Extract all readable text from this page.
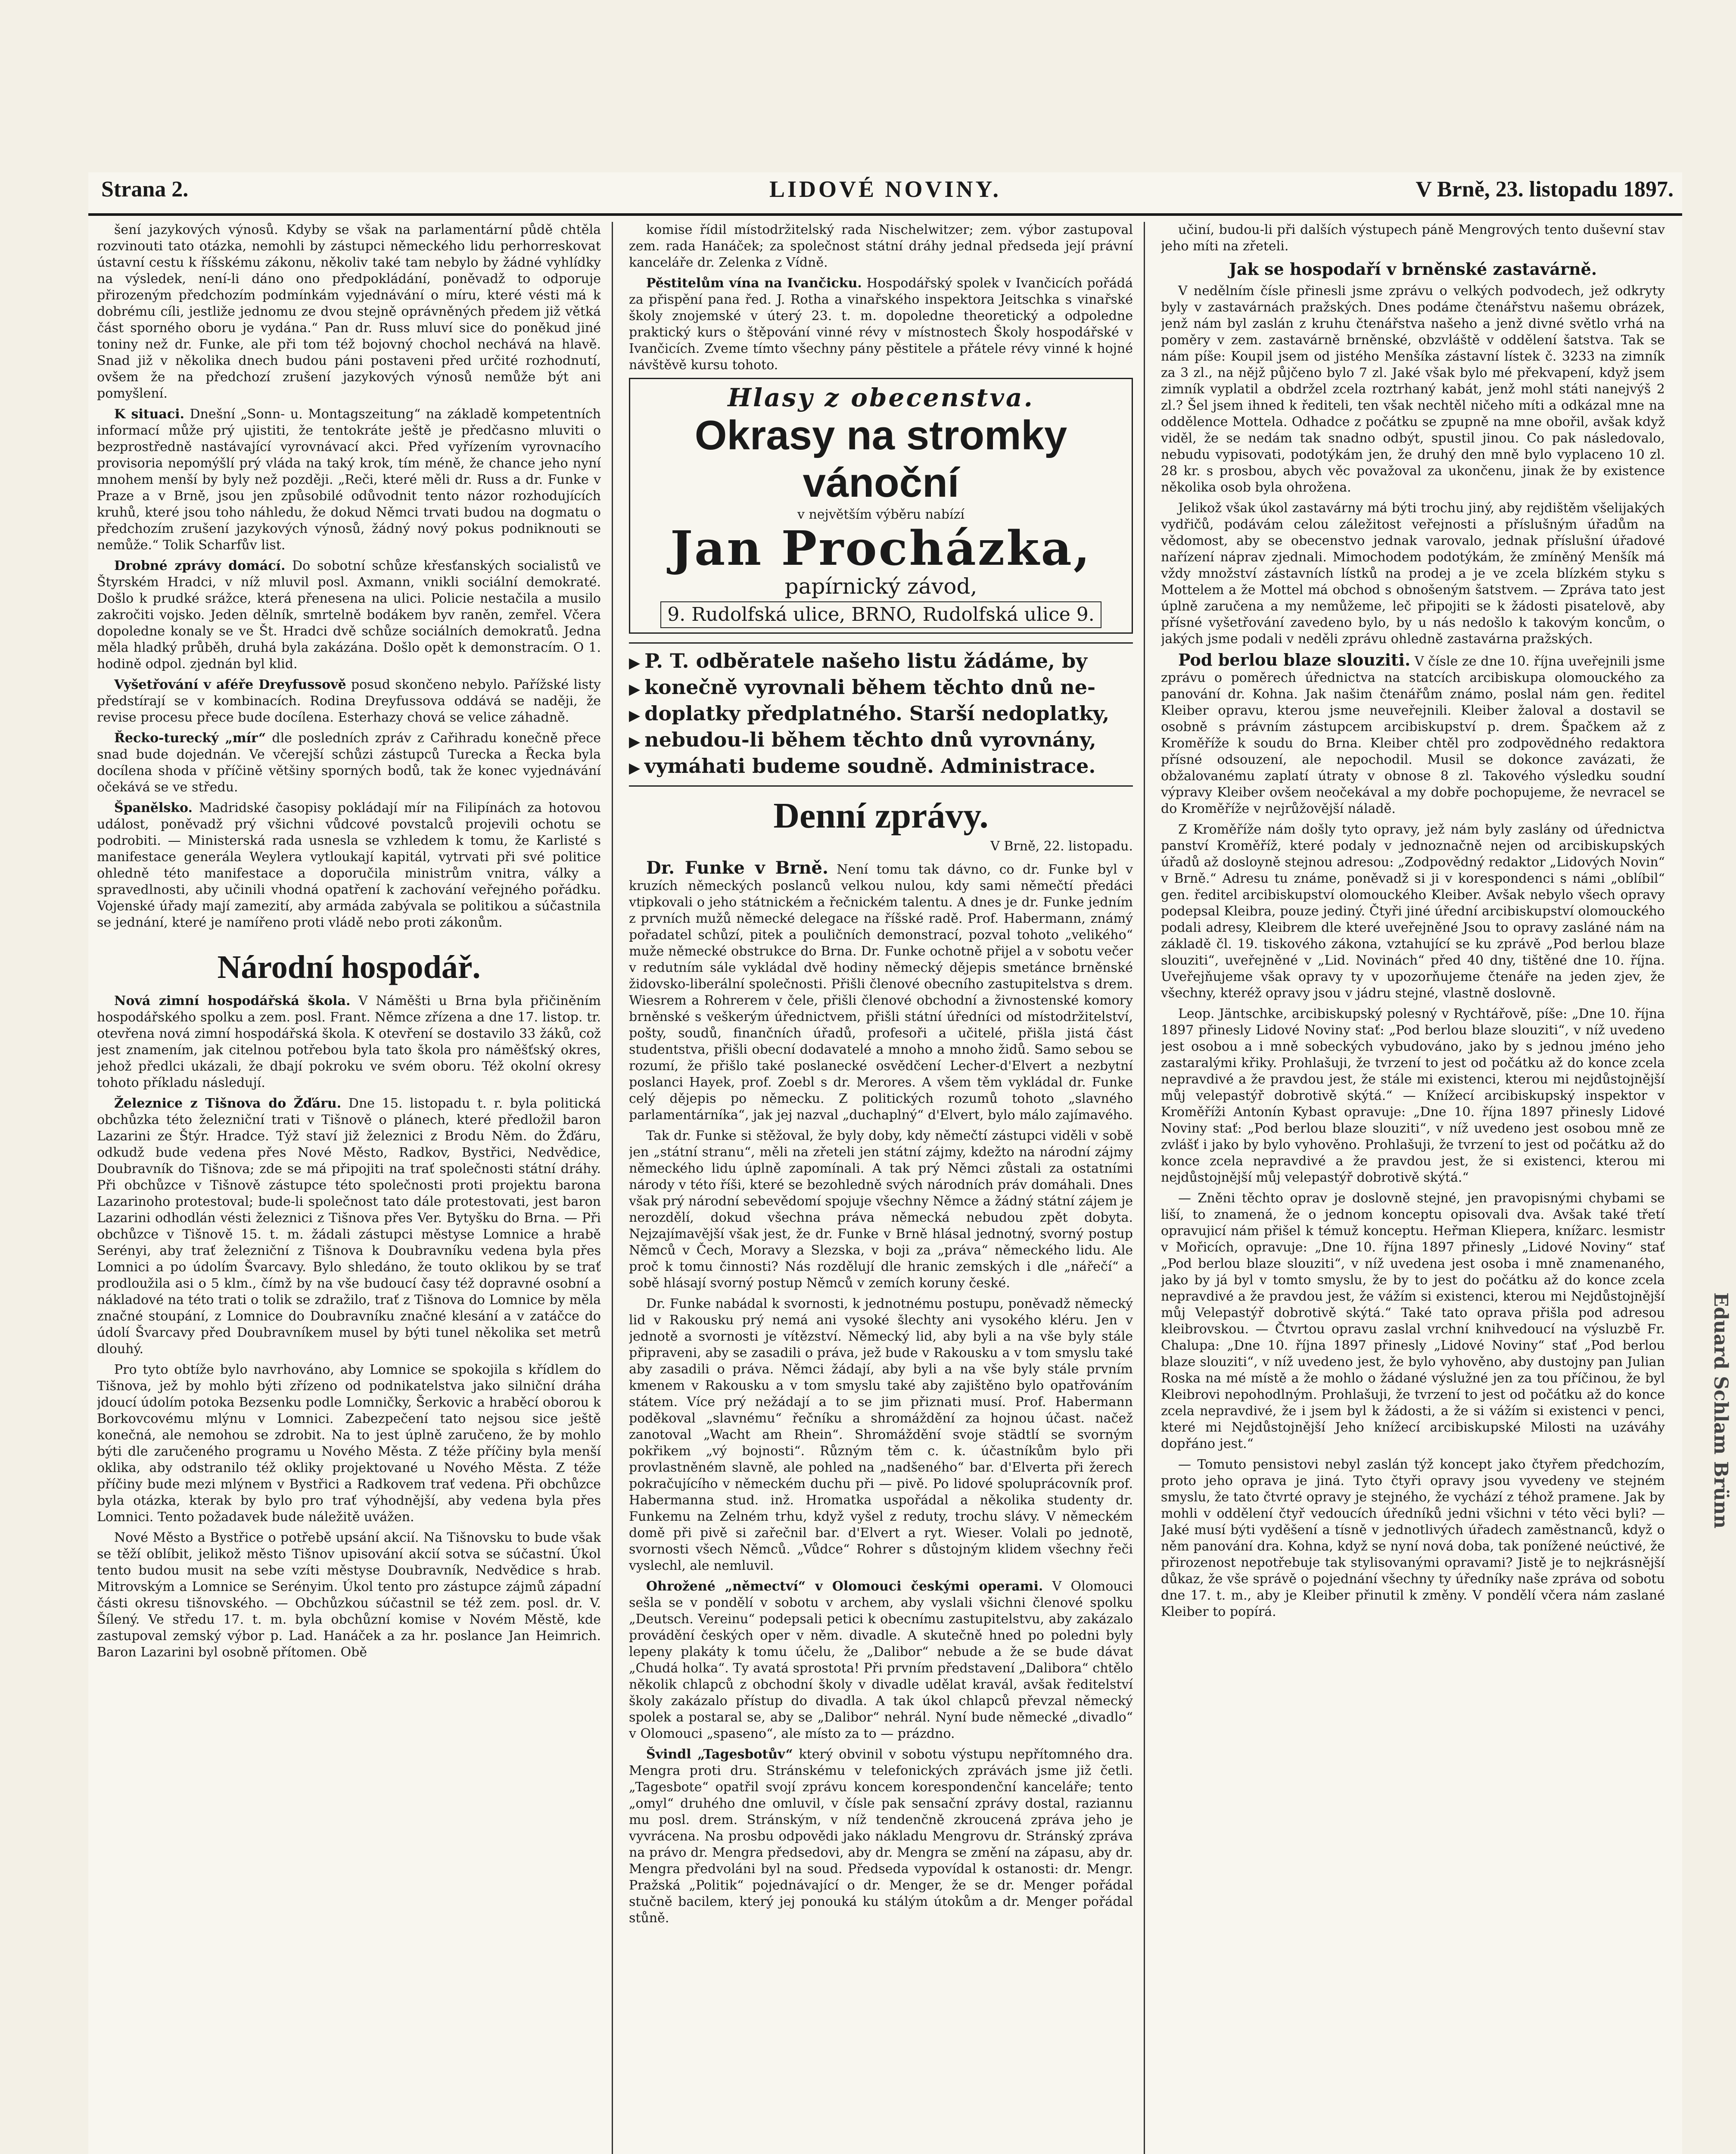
Strana 2.	LIDOVÉ NOVINY.	V Brně, 23. listopadu 1897.

šení jazykových výnosů. Kdyby se však na parlamentární půdě chtěla rozvinouti tato otázka, nemohli by zástupci německého lidu perhorreskovat ústavní cestu k říšskému zákonu, několiv také tam nebylo by žádné vyhlídky na výsledek, není-li dáno ono předpokládání, poněvadž to odporuje přirozeným předchozím podmínkám vyjednávání o míru, které vésti má k dobrému cíli, jestliže jednomu ze dvou stejně oprávněných předem již větká část sporného oboru je vydána.“ Pan dr. Russ mluví sice do poněkud jiné toniny než dr. Funke, ale při tom též bojovný chochol nechává na hlavě. Snad již v několika dnech budou páni postaveni před určité rozhodnutí, ovšem že na předchozí zrušení jazykových výnosů nemůže být ani pomyšlení.

K situaci. Dnešní „Sonn- u. Montagszeitung“ na základě kompetentních informací může prý ujistiti, že tentokráte ještě je předčasno mluviti o bezprostředně nastávající vyrovnávací akci. Před vyřízením vyrovnacího provisoria nepomýšlí prý vláda na taký krok, tím méně, že chance jeho nyní mnohem menší by byly než později. „Reči, které měli dr. Russ a dr. Funke v Praze a v Brně, jsou jen způsobilé odůvodnit tento názor rozhodujících kruhů, které jsou toho náhledu, že dokud Němci trvati budou na dogmatu o předchozím zrušení jazykových výnosů, žádný nový pokus podniknouti se nemůže.“ Tolik Scharfův list.

Drobné zprávy domácí. Do sobotní schůze křesťanských socialistů ve Štyrském Hradci, v níž mluvil posl. Axmann, vnikli sociální demokraté. Došlo k prudké srážce, která přenesena na ulici. Policie nestačila a musilo zakročiti vojsko. Jeden dělník, smrtelně bodákem byv raněn, zemřel. Včera dopoledne konaly se ve Št. Hradci dvě schůze sociálních demokratů. Jedna měla hladký průběh, druhá byla zakázána. Došlo opět k demonstracím. O 1. hodině odpol. zjednán byl klid.

Vyšetřování v aféře Dreyfussově posud skončeno nebylo. Pařížské listy předstírají se v kombinacích. Rodina Dreyfussova oddává se naději, že revise procesu přece bude docílena. Esterhazy chová se velice záhadně.

Řecko-turecký „mír“ dle posledních zpráv z Cařihradu konečně přece snad bude dojednán. Ve včerejší schůzi zástupců Turecka a Řecka byla docílena shoda v příčině většiny sporných bodů, tak že konec vyjednávání očekává se ve středu.

Španělsko. Madridské časopisy pokládají mír na Filipínách za hotovou událost, poněvadž prý všichni vůdcové povstalců projevili ochotu se podrobiti. — Ministerská rada usnesla se vzhledem k tomu, že Karlisté s manifestace generála Weylera vytloukají kapitál, vytrvati při své politice ohledně této manifestace a doporučila ministrům vnitra, války a spravedlnosti, aby učinili vhodná opatření k zachování veřejného pořádku. Vojenské úřady mají zamezití, aby armáda zabývala se politikou a súčastnila se jednání, které je namířeno proti vládě nebo proti zákonům.

Národní hospodář.

Nová zimní hospodářská škola. V Náměšti u Brna byla přičiněním hospodářského spolku a zem. posl. Frant. Němce zřízena a dne 17. listop. tr. otevřena nová zimní hospodářská škola. K otevření se dostavilo 33 žáků, což jest znamením, jak citelnou potřebou byla tato škola pro náměšťský okres, jehož předlci ukázali, že dbají pokroku ve svém oboru. Též okolní okresy tohoto příkladu následují.

Železnice z Tišnova do Žďáru. Dne 15. listopadu t. r. byla politická obchůzka této železniční trati v Tišnově o plánech, které předložil baron Lazarini ze Štýr. Hradce. Týž staví již železnici z Brodu Něm. do Žďáru, odkudž bude vedena přes Nové Město, Radkov, Bystřici, Nedvědice, Doubravník do Tišnova; zde se má připojiti na trať společnosti státní dráhy. Při obchůzce v Tišnově zástupce této společnosti proti projektu barona Lazarinoho protestoval; bude-li společnost tato dále protestovati, jest baron Lazarini odhodlán vésti železnici z Tišnova přes Ver. Bytyšku do Brna. — Při obchůzce v Tišnově 15. t. m. žádali zástupci městyse Lomnice a hrabě Serényi, aby trať železniční z Tišnova k Doubravníku vedena byla přes Lomnici a po údolím Švarcavy. Bylo shledáno, že touto oklikou by se trať prodloužila asi o 5 klm., čímž by na vše budoucí časy též dopravné osobní a nákladové na této trati o tolik se zdražilo, trať z Tišnova do Lomnice by měla značné stoupání, z Lomnice do Doubravníku značné klesání a v zatáčce do údolí Švarcavy před Doubravníkem musel by býti tunel několika set metrů dlouhý.

Pro tyto obtíže bylo navrhováno, aby Lomnice se spokojila s křídlem do Tišnova, jež by mohlo býti zřízeno od podnikatelstva jako silniční dráha jdoucí údolím potoka Bezsenku podle Lomničky, Šerkovic a hraběcí oborou k Borkovcovému mlýnu v Lomnici. Zabezpečení tato nejsou sice ještě konečná, ale nemohou se zdrobit. Na to jest úplně zaručeno, že by mohlo býti dle zaručeného programu u Nového Města. Z téže příčiny byla menší oklika, aby odstranilo též okliky projektované u Nového Města. Z téže příčiny bude mezi mlýnem v Bystřici a Radkovem trať vedena. Při obchůzce byla otázka, kterak by bylo pro trať výhodnější, aby vedena byla přes Lomnici. Tento požadavek bude náležitě uvážen.

Nové Město a Bystřice o potřebě upsání akcií. Na Tišnovsku to bude však se těží oblíbit, jelikož město Tišnov upisování akcií sotva se súčastní. Úkol tento budou musit na sebe vzíti městyse Doubravník, Nedvědice s hrab. Mitrovským a Lomnice se Serényim. Úkol tento pro zástupce zájmů západní části okresu tišnovského. — Obchůzkou súčastnil se též zem. posl. dr. V. Šílený. Ve středu 17. t. m. byla obchůzní komise v Novém Městě, kde zastupoval zemský výbor p. Lad. Hanáček a za hr. poslance Jan Heimrich. Baron Lazarini byl osobně přítomen. Obě

komise řídil místodržitelský rada Nischelwitzer; zem. výbor zastupoval zem. rada Hanáček; za společnost státní dráhy jednal předseda její právní kanceláře dr. Zelenka z Vídně.

Pěstitelům vína na Ivančicku. Hospodářský spolek v Ivančicích pořádá za přispění pana řed. J. Rotha a vinařského inspektora Jeitschka s vinařské školy znojemské v úterý 23. t. m. dopoledne theoretický a odpoledne praktický kurs o štěpování vinné révy v místnostech Školy hospodářské v Ivančicích. Zveme tímto všechny pány pěstitele a přátele révy vinné k hojné návštěvě kursu tohoto.

Hlasy z obecenstva.
Okrasy na stromky vánoční
v největším výběru nabízí
Jan Procházka,
papírnický závod,
9. Rudolfská ulice, BRNO, Rudolfská ulice 9.
▶ P. T. odběratele našeho listu žádáme, by
▶ konečně vyrovnali během těchto dnů ne-
▶ doplatky předplatného. Starší nedoplatky,
▶ nebudou-li během těchto dnů vyrovnány,
▶ vymáhati budeme soudně. Administrace.
Denní zprávy.
V Brně, 22. listopadu.

Dr. Funke v Brně. Není tomu tak dávno, co dr. Funke byl v kruzích německých poslanců velkou nulou, kdy sami němečtí předáci vtipkovali o jeho státnickém a řečnickém talentu. A dnes je dr. Funke jedním z prvních mužů německé delegace na říšské radě. Prof. Habermann, známý pořadatel schůzí, pitek a pouličních demonstrací, pozval tohoto „velikého“ muže německé obstrukce do Brna. Dr. Funke ochotně přijel a v sobotu večer v redutním sále vykládal dvě hodiny německý dějepis smetánce brněnské židovsko-liberální společnosti. Přišli členové obecního zastupitelstva s drem. Wiesrem a Rohrerem v čele, přišli členové obchodní a živnostenské komory brněnské s veškerým úřednictvem, přišli státní úředníci od místodržitelství, pošty, soudů, finančních úřadů, profesoři a učitelé, přišla jistá část studentstva, přišli obecní dodavatelé a mnoho a mnoho židů. Samo sebou se rozumí, že přišlo také poslanecké osvědčení Lecher-d'Elvert a nezbytní poslanci Hayek, prof. Zoebl s dr. Merores. A všem těm vykládal dr. Funke celý dějepis po německu. Z politických rozumů tohoto „slavného parlamentárníka“, jak jej nazval „duchaplný“ d'Elvert, bylo málo zajímavého.

Tak dr. Funke si stěžoval, že byly doby, kdy němečtí zástupci viděli v sobě jen „státní stranu“, měli na zřeteli jen státní zájmy, kdežto na národní zájmy německého lidu úplně zapomínali. A tak prý Němci zůstali za ostatními národy v této říši, které se bezohledně svých národních práv domáhali. Dnes však prý národní sebevědomí spojuje všechny Němce a žádný státní zájem je nerozdělí, dokud všechna práva německá nebudou zpět dobyta. Nejzajímavější však jest, že dr. Funke v Brně hlásal jednotný, svorný postup Němců v Čech, Moravy a Slezska, v boji za „práva“ německého lidu. Ale proč k tomu činnosti? Nás rozdělují dle hranic zemských i dle „nářečí“ a sobě hlásají svorný postup Němců v zemích koruny české.

Dr. Funke nabádal k svornosti, k jednotnému postupu, poněvadž německý lid v Rakousku prý nemá ani vysoké šlechty ani vysokého kléru. Jen v jednotě a svornosti je vítězství. Německý lid, aby byli a na vše byly stále připraveni, aby se zasadili o práva, jež bude v Rakousku a v tom smyslu také aby zasadili o práva. Němci žádají, aby byli a na vše byly stále prvním kmenem v Rakousku a v tom smyslu také aby zajištěno bylo opatřováním státem. Více prý nežádají a to se jim přiznati musí. Prof. Habermann poděkoval „slavnému“ řečníku a shromáždění za hojnou účast. načež zanotoval „Wacht am Rhein“. Shromáždění svoje städtlí se svorným pokřikem „vý bojnosti“. Různým těm c. k. účastníkům bylo při provlastněném slavně, ale pohled na „nadšeného“ bar. d'Elverta při žerech pokračujícího v německém duchu při — pivě. Po lidové spoluprácovník prof. Habermanna stud. inž. Hromatka uspořádal a několika studenty dr. Funkemu na Zelném trhu, když vyšel z reduty, trochu slávy. V německém domě při pivě si zařečnil bar. d'Elvert a ryt. Wieser. Volali po jednotě, svornosti všech Němců. „Vůdce“ Rohrer s důstojným klidem všechny řeči vyslechl, ale nemluvil.

Ohrožené „němectví“ v Olomouci českými operami. V Olomouci sešla se v pondělí v sobotu v archem, aby vyslali všichni členové spolku „Deutsch. Vereinu“ podepsali petici k obecnímu zastupitelstvu, aby zakázalo provádění českých oper v něm. divadle. A skutečně hned po poledni byly lepeny plakáty k tomu účelu, že „Dalibor“ nebude a že se bude dávat „Chudá holka“. Ty avatá sprostota! Při prvním představení „Dalibora“ chtělo několik chlapců z obchodní školy v divadle udělat kravál, avšak ředitelství školy zakázalo přístup do divadla. A tak úkol chlapců převzal německý spolek a postaral se, aby se „Dalibor“ nehrál. Nyní bude německé „divadlo“ v Olomouci „spaseno“, ale místo za to — prázdno.

Švindl „Tagesbotův“ který obvinil v sobotu výstupu nepřítomného dra. Mengra proti dru. Stránskému v telefonických zprávách jsme již četli. „Tagesbote“ opatřil svojí zprávu koncem korespondenční kanceláře; tento „omyl“ druhého dne omluvil, v čísle pak sensační zprávy dostal, raziannu mu posl. drem. Stránským, v níž tendenčně zkroucená zpráva jeho je vyvrácena. Na prosbu odpovědi jako nákladu Mengrovu dr. Stránský zpráva na právo dr. Mengra předsedovi, aby dr. Mengra se změní na zápasu, aby dr. Mengra předvoláni byl na soud. Předseda vypovídal k ostanosti: dr. Mengr. Pražská „Politik“ pojednávající o dr. Menger, že se dr. Menger pořádal stučně bacilem, který jej ponouká ku stálým útokům a dr. Menger pořádal stůně.

učiní, budou-li při dalších výstupech páně Mengrových tento duševní stav jeho míti na zřeteli.

Jak se hospodaří v brněnské zastavárně.

V nedělním čísle přinesli jsme zprávu o velkých podvodech, jež odkryty byly v zastavárnách pražských. Dnes podáme čtenářstvu našemu obrázek, jenž nám byl zaslán z kruhu čtenářstva našeho a jenž divné světlo vrhá na poměry v zem. zastavárně brněnské, obzvláště v oddělení šatstva. Tak se nám píše: Koupil jsem od jistého Menšíka zástavní lístek č. 3233 na zimník za 3 zl., na nějž půjčeno bylo 7 zl. Jaké však bylo mé překvapení, když jsem zimník vyplatil a obdržel zcela roztrhaný kabát, jenž mohl státi nanejvýš 2 zl.? Šel jsem ihned k řediteli, ten však nechtěl ničeho míti a odkázal mne na oddělence Mottela. Odhadce z počátku se zpupně na mne obořil, avšak když viděl, že se nedám tak snadno odbýt, spustil jinou. Co pak následovalo, nebudu vypisovati, podotýkám jen, že druhý den mně bylo vyplaceno 10 zl. 28 kr. s prosbou, abych věc považoval za ukončenu, jinak že by existence několika osob byla ohrožena.

Jelikož však úkol zastavárny má býti trochu jiný, aby rejdištěm všelijakých vydřičů, podávám celou záležitost veřejnosti a příslušným úřadům na vědomost, aby se obecenstvo jednak varovalo, jednak příslušní úřadové nařízení náprav zjednali. Mimochodem podotýkám, že zmíněný Menšík má vždy množství zástavních lístků na prodej a je ve zcela blízkém styku s Mottelem a že Mottel má obchod s obnošeným šatstvem. — Zpráva tato jest úplně zaručena a my nemůžeme, leč připojiti se k žádosti pisatelově, aby přísné vyšetřování zavedeno bylo, by u nás nedošlo k takovým koncům, o jakých jsme podali v neděli zprávu ohledně zastavárna pražských.

Pod berlou blaze slouziti. V čísle ze dne 10. října uveřejnili jsme zprávu o poměrech úřednictva na statcích arcibiskupa olomouckého za panování dr. Kohna. Jak našim čtenářům známo, poslal nám gen. ředitel Kleiber opravu, kterou jsme neuveřejnili. Kleiber žaloval a dostavil se osobně s právním zástupcem arcibiskupství p. drem. Špačkem až z Kroměříže k soudu do Brna. Kleiber chtěl pro zodpovědného redaktora přísné odsouzení, ale nepochodil. Musil se dokonce zavázati, že obžalovanému zaplatí útraty v obnose 8 zl. Takového výsledku soudní výpravy Kleiber ovšem neočekával a my dobře pochopujeme, že nevracel se do Kroměříže v nejrůžovější náladě.

Z Kroměříže nám došly tyto opravy, jež nám byly zaslány od úřednictva panství Kroměříž, které podaly v jednoznačně nejen od arcibiskupských úřadů až dosloyně stejnou adresou: „Zodpovědný redaktor „Lidových Novin“ v Brně.“ Adresu tu známe, poněvadž si ji v korespondenci s námi „oblíbil“ gen. ředitel arcibiskupství olomouckého Kleiber. Avšak nebylo všech opravy podepsal Kleibra, pouze jediný. Čtyři jiné úřední arcibiskupství olomouckého podali adresy, Kleibrem dle které uveřejněné Jsou to opravy zasláné nám na základě čl. 19. tiskového zákona, vztahující se ku zprávě „Pod berlou blaze slouziti“, uveřejněné v „Lid. Novinách“ před 40 dny, tištěné dne 10. října. Uveřejňujeme však opravy ty v upozorňujeme čtenáře na jeden zjev, že všechny, kteréž opravy jsou v jádru stejné, vlastně doslovně.

Leop. Jäntschke, arcibiskupský polesný v Rychtářově, píše: „Dne 10. října 1897 přinesly Lidové Noviny stať: „Pod berlou blaze slouziti“, v níž uvedeno jest osobou a i mně sobeckých vybudováno, jako by s jednou jméno jeho zastaralými křiky. Prohlašuji, že tvrzení to jest od počátku až do konce zcela nepravdivé a že pravdou jest, že stále mi existenci, kterou mi nejdůstojnější můj velepastýř dobrotivě skýtá.“ — Knížecí arcibiskupský inspektor v Kroměříži Antonín Kybast opravuje: „Dne 10. října 1897 přinesly Lidové Noviny stať: „Pod berlou blaze slouziti“, v níž uvedeno jest osobou mně ze zvlášť i jako by bylo vyhověno. Prohlašuji, že tvrzení to jest od počátku až do konce zcela nepravdivé a že pravdou jest, že si existenci, kterou mi nejdůstojnější můj velepastýř dobrotivě skýtá.“

— Zněni těchto oprav je doslovně stejné, jen pravopisnými chybami se liší, to znamená, že o jednom konceptu opisovali dva. Avšak také třetí opravujicí nám přišel k témuž konceptu. Heřman Kliepera, knížarc. lesmistr v Mořicích, opravuje: „Dne 10. října 1897 přinesly „Lidové Noviny“ stať „Pod berlou blaze slouziti“, v níž uvedena jest osoba i mně znamenaného, jako by já byl v tomto smyslu, že by to jest do počátku až do konce zcela nepravdivé a že pravdou jest, že vážím si existenci, kterou mi Nejdůstojnější můj Velepastýř dobrotivě skýtá.“ Také tato oprava přišla pod adresou kleibrovskou. — Čtvrtou opravu zaslal vrchní knihvedoucí na výsluzbě Fr. Chalupa: „Dne 10. října 1897 přinesly „Lidové Noviny“ stať „Pod berlou blaze slouziti“, v níž uvedeno jest, že bylo vyhověno, aby dustojny pan Julian Roska na mé místě a že mohlo o žádané výslužné jen za tou příčinou, že byl Kleibrovi nepohodlným. Prohlašuji, že tvrzení to jest od počátku až do konce zcela nepravdivé, že i jsem byl k žádosti, a že si vážím si existenci v penci, které mi Nejdůstojnější Jeho knížecí arcibiskupské Milosti na uzáváhy dopřáno jest.“

— Tomuto pensistovi nebyl zaslán týž koncept jako čtyřem předchozím, proto jeho oprava je jiná. Tyto čtyři opravy jsou vyvedeny ve stejném smyslu, že tato čtvrté opravy je stejného, že vychází z téhož pramene. Jak by mohli v oddělení čtyř vedoucích úředníků jedni všichni v této věci byli? — Jaké musí býti vyděšení a tísně v jednotlivých úřadech zaměstnanců, když o něm panování dra. Kohna, když se nyní nová doba, tak ponížené neúctivé, že přirozenost nepotřebuje tak stylisovanými opravami? Jistě je to nejkrásnější důkaz, že vše správě o pojednání všechny ty úředníky naše zpráva od sobotu dne 17. t. m., aby je Kleiber přinutil k změny. V pondělí včera nám zaslané Kleiber to popírá.

Eduard Schlam Brünn
